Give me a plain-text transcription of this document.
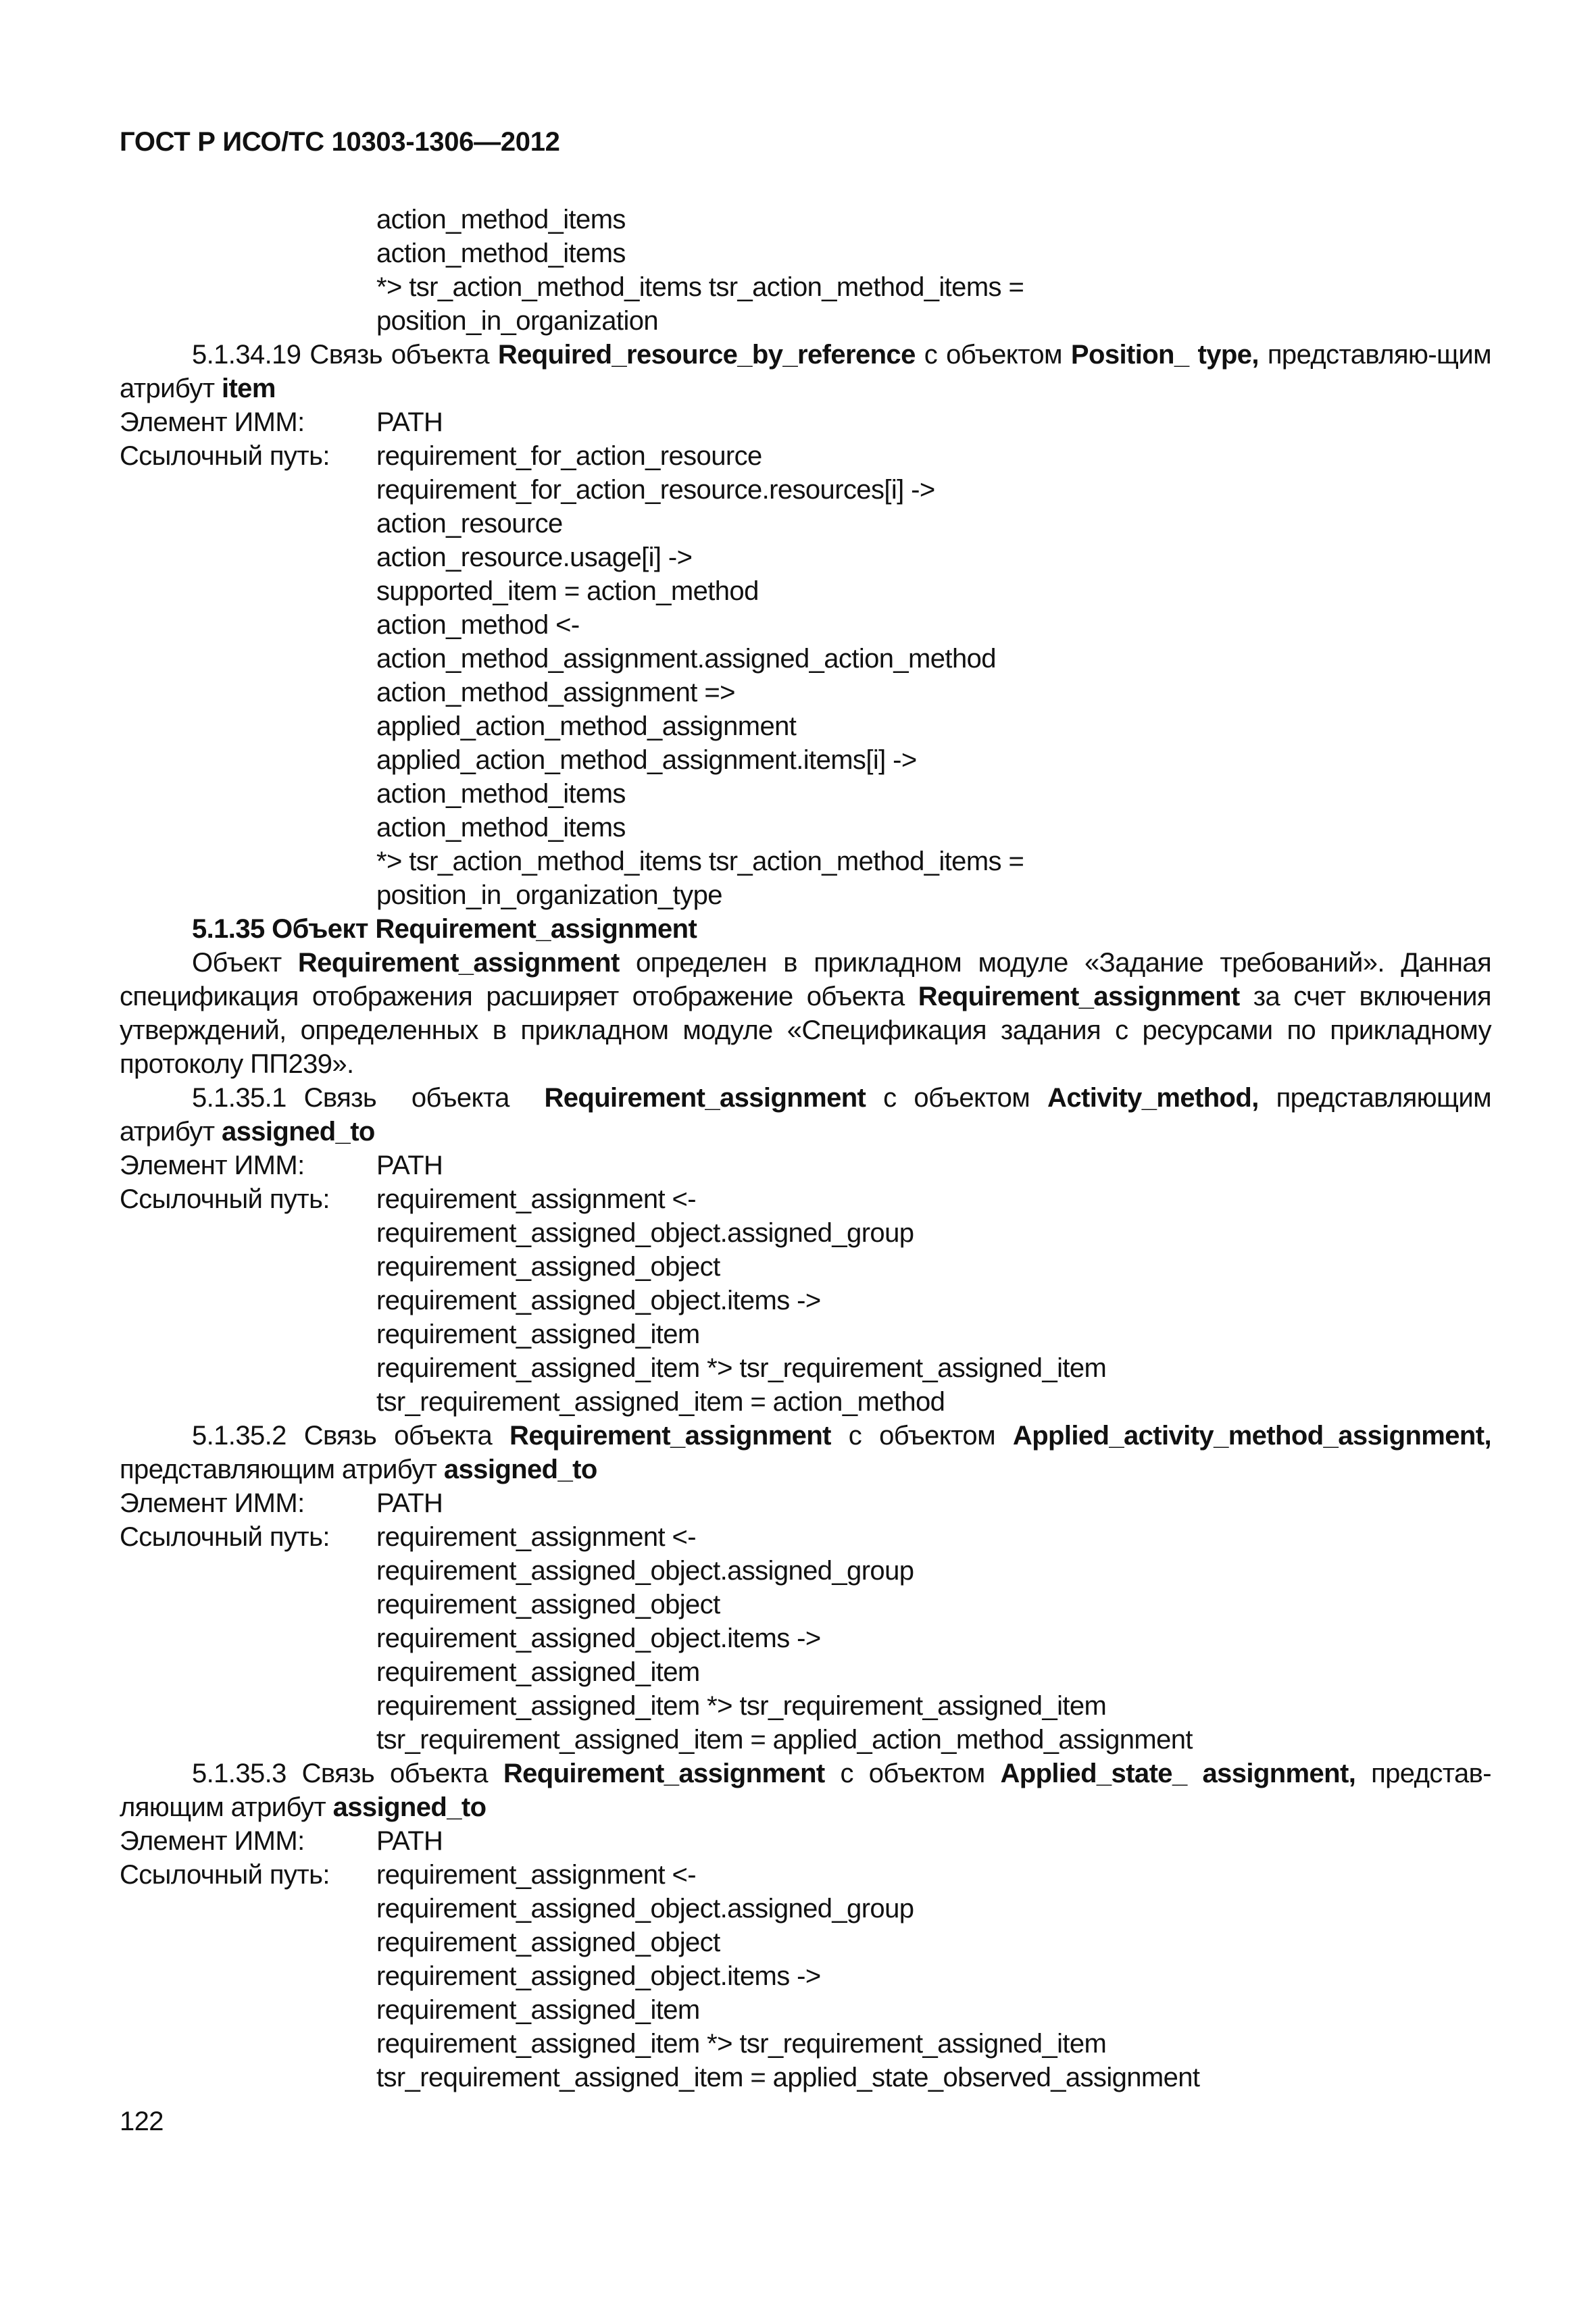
ГОСТ Р ИСО/ТС 10303-1306—2012
action_method_items
action_method_items
*> tsr_action_method_items tsr_action_method_items =
position_in_organization
5.1.34.19 Связь объекта Required_resource_by_reference с объектом Position_ type, представляю-щим атрибут item
Элемент ИММ:	PATH
Ссылочный путь:	requirement_for_action_resource
requirement_for_action_resource.resources[i] ->
action_resource
action_resource.usage[i] ->
supported_item = action_method
action_method <-
action_method_assignment.assigned_action_method
action_method_assignment =>
applied_action_method_assignment
applied_action_method_assignment.items[i] ->
action_method_items
action_method_items
*> tsr_action_method_items tsr_action_method_items =
position_in_organization_type
5.1.35 Объект Requirement_assignment
Объект Requirement_assignment определен в прикладном модуле «Задание требований». Данная спецификация отображения расширяет отображение объекта Requirement_assignment за счет включения утверждений, определенных в прикладном модуле «Спецификация задания с ресурсами по прикладному протоколу ПП239».
5.1.35.1 Связь  объекта  Requirement_assignment с объектом Activity_method, представляющим атрибут assigned_to
Элемент ИММ:	PATH
Ссылочный путь:	requirement_assignment <-
requirement_assigned_object.assigned_group
requirement_assigned_object
requirement_assigned_object.items ->
requirement_assigned_item
requirement_assigned_item *> tsr_requirement_assigned_item
tsr_requirement_assigned_item = action_method
5.1.35.2 Связь объекта Requirement_assignment с объектом Applied_activity_method_assignment, представляющим атрибут assigned_to
Элемент ИММ:	PATH
Ссылочный путь:	requirement_assignment <-
requirement_assigned_object.assigned_group
requirement_assigned_object
requirement_assigned_object.items ->
requirement_assigned_item
requirement_assigned_item *> tsr_requirement_assigned_item
tsr_requirement_assigned_item = applied_action_method_assignment
5.1.35.3 Связь объекта Requirement_assignment с объектом Applied_state_ assignment, представ-ляющим атрибут assigned_to
Элемент ИММ:	PATH
Ссылочный путь:	requirement_assignment <-
requirement_assigned_object.assigned_group
requirement_assigned_object
requirement_assigned_object.items ->
requirement_assigned_item
requirement_assigned_item *> tsr_requirement_assigned_item
tsr_requirement_assigned_item = applied_state_observed_assignment
122
